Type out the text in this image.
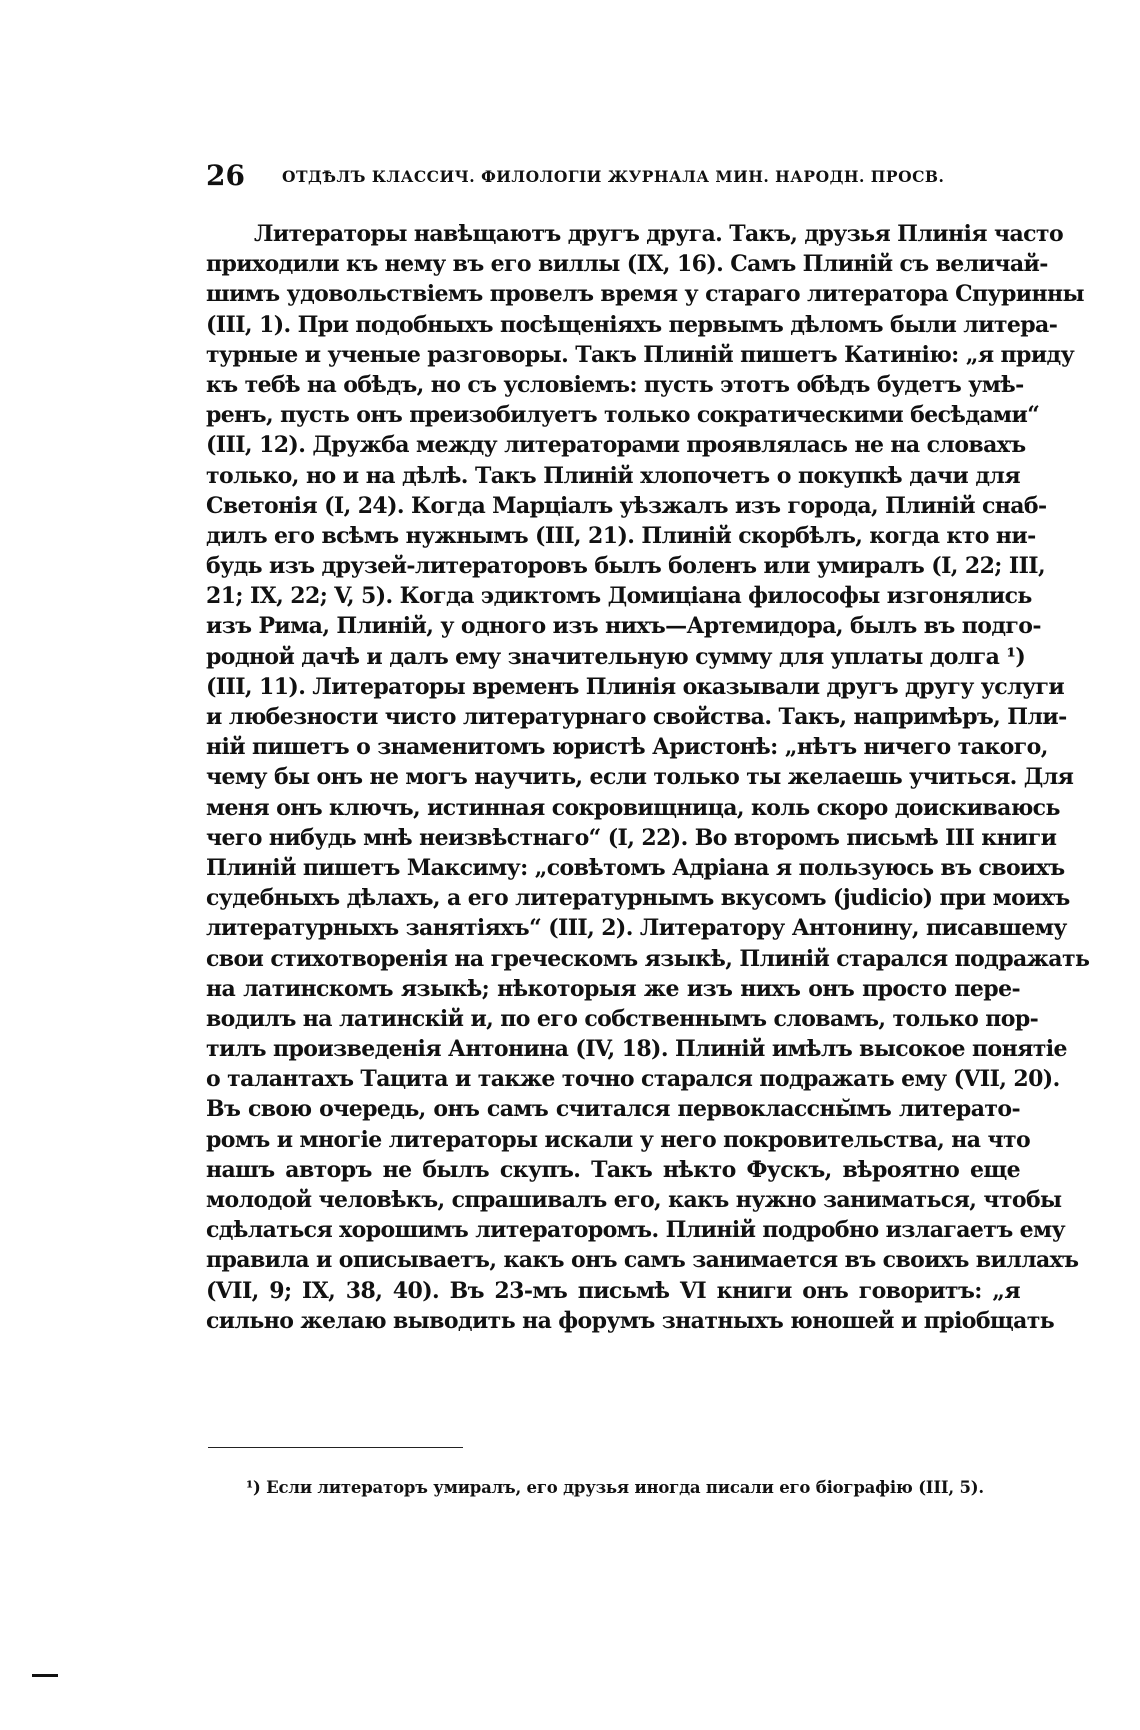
26 ОТДѢЛЪ КЛАССИЧ. ФИЛОЛОГІИ ЖУРНАЛА МИН. НАРОДН. ПРОСВ.
Литераторы навѣщаютъ другъ друга. Такъ, друзья Плинія часто
приходили къ нему въ его виллы (IX, 16). Самъ Плиній съ величай-
шимъ удовольствіемъ провелъ время у стараго литератора Спуринны
(III, 1). При подобныхъ посѣщеніяхъ первымъ дѣломъ были литера-
турные и ученые разговоры. Такъ Плиній пишетъ Катинію: „я приду
къ тебѣ на обѣдъ, но съ условіемъ: пусть этотъ обѣдъ будетъ умѣ-
ренъ, пусть онъ преизобилуетъ только сократическими бесѣдами“
(III, 12). Дружба между литераторами проявлялась не на словахъ
только, но и на дѣлѣ. Такъ Плиній хлопочетъ о покупкѣ дачи для
Светонія (I, 24). Когда Марціалъ уѣзжалъ изъ города, Плиній снаб-
дилъ его всѣмъ нужнымъ (III, 21). Плиній скорбѣлъ, когда кто ни-
будь изъ друзей-литераторовъ былъ боленъ или умиралъ (I, 22; III,
21; IX, 22; V, 5). Когда эдиктомъ Домиціана философы изгонялись
изъ Рима, Плиній, у одного изъ нихъ—Артемидора, былъ въ подго-
родной дачѣ и далъ ему значительную сумму для уплаты долга ¹)
(III, 11). Литераторы временъ Плинія оказывали другъ другу услуги
и любезности чисто литературнаго свойства. Такъ, напримѣръ, Пли-
ній пишетъ о знаменитомъ юристѣ Аристонѣ: „нѣтъ ничего такого,
чему бы онъ не могъ научить, если только ты желаешь учиться. Для
меня онъ ключъ, истинная сокровищница, коль скоро доискиваюсь
чего нибудь мнѣ неизвѣстнаго“ (I, 22). Во второмъ письмѣ III книги
Плиній пишетъ Максиму: „совѣтомъ Адріана я пользуюсь въ своихъ
судебныхъ дѣлахъ, а его литературнымъ вкусомъ (judicio) при моихъ
литературныхъ занятіяхъ“ (III, 2). Литератору Антонину, писавшему
свои стихотворенія на греческомъ языкѣ, Плиній старался подражать
на латинскомъ языкѣ; нѣкоторыя же изъ нихъ онъ просто пере-
водилъ на латинскій и, по его собственнымъ словамъ, только пор-
тилъ произведенія Антонина (IV, 18). Плиній имѣлъ высокое понятіе
о талантахъ Тацита и также точно старался подражать ему (VII, 20).
Въ свою очередь, онъ самъ считался первоклассны̆мъ литерато-
ромъ и многіе литераторы искали у него покровительства, на что
нашъ авторъ не былъ скупъ. Такъ нѣкто Фускъ, вѣроятно еще
молодой человѣкъ, спрашивалъ его, какъ нужно заниматься, чтобы
сдѣлаться хорошимъ литераторомъ. Плиній подробно излагаетъ ему
правила и описываетъ, какъ онъ самъ занимается въ своихъ виллахъ
(VII, 9; IX, 38, 40). Въ 23-мъ письмѣ VI книги онъ говоритъ: „я
сильно желаю выводить на форумъ знатныхъ юношей и пріобщать
¹) Если литераторъ умиралъ, его друзья иногда писали его біографію (III, 5).
